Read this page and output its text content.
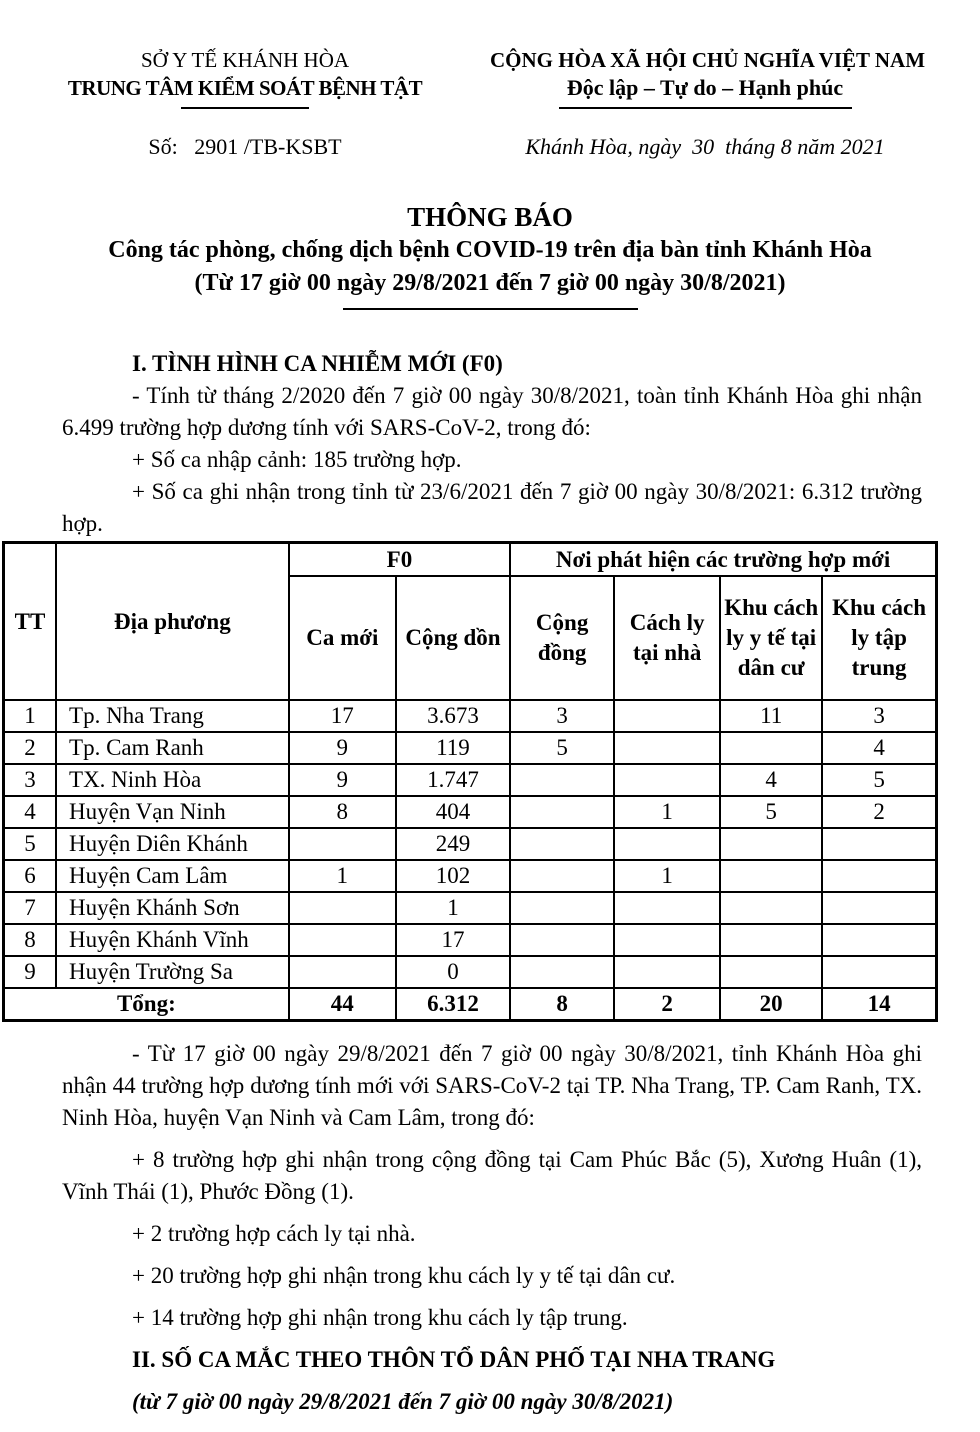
SỞ Y TẾ KHÁNH HÒA
TRUNG TÂM KIỂM SOÁT BỆNH TẬT
Số:   2901 /TB-KSBT
CỘNG HÒA XÃ HỘI CHỦ NGHĨA VIỆT NAM
Độc lập – Tự do – Hạnh phúc
Khánh Hòa, ngày  30  tháng 8 năm 2021
THÔNG BÁO
Công tác phòng, chống dịch bệnh COVID-19 trên địa bàn tỉnh Khánh Hòa
(Từ 17 giờ 00 ngày 29/8/2021 đến 7 giờ 00 ngày 30/8/2021)

I. TÌNH HÌNH CA NHIỄM MỚI (F0)

- Tính từ tháng 2/2020 đến 7 giờ 00 ngày 30/8/2021, toàn tỉnh Khánh Hòa ghi nhận 6.499 trường hợp dương tính với SARS-CoV-2, trong đó:

+ Số ca nhập cảnh: 185 trường hợp.

+ Số ca ghi nhận trong tỉnh từ 23/6/2021 đến 7 giờ 00 ngày 30/8/2021: 6.312 trường hợp.

TT	Địa phương	F0		Nơi phát hiện các trường hợp mới			
		Ca mới	Cộng dồn	Cộng đồng	Cách ly tại nhà	Khu cách ly y tế tại dân cư	Khu cách ly tập trung
1	Tp. Nha Trang	17	3.673	3		11	3
2	Tp. Cam Ranh	9	119	5			4
3	TX. Ninh Hòa	9	1.747			4	5
4	Huyện Vạn Ninh	8	404		1	5	2
5	Huyện Diên Khánh		249				
6	Huyện Cam Lâm	1	102		1		
7	Huyện Khánh Sơn		1				
8	Huyện Khánh Vĩnh		17				
9	Huyện Trường Sa		0				
Tổng:		44	6.312	8	2	20	14

- Từ 17 giờ 00 ngày 29/8/2021 đến 7 giờ 00 ngày 30/8/2021, tỉnh Khánh Hòa ghi nhận 44 trường hợp dương tính mới với SARS-CoV-2 tại TP. Nha Trang, TP. Cam Ranh, TX. Ninh Hòa, huyện Vạn Ninh và Cam Lâm, trong đó:

+ 8 trường hợp ghi nhận trong cộng đồng tại Cam Phúc Bắc (5), Xương Huân (1), Vĩnh Thái (1), Phước Đồng (1).

+ 2 trường hợp cách ly tại nhà.

+ 20 trường hợp ghi nhận trong khu cách ly y tế tại dân cư.

+ 14 trường hợp ghi nhận trong khu cách ly tập trung.

II. SỐ CA MẮC THEO THÔN TỔ DÂN PHỐ TẠI NHA TRANG

(từ 7 giờ 00 ngày 29/8/2021 đến 7 giờ 00 ngày 30/8/2021)
